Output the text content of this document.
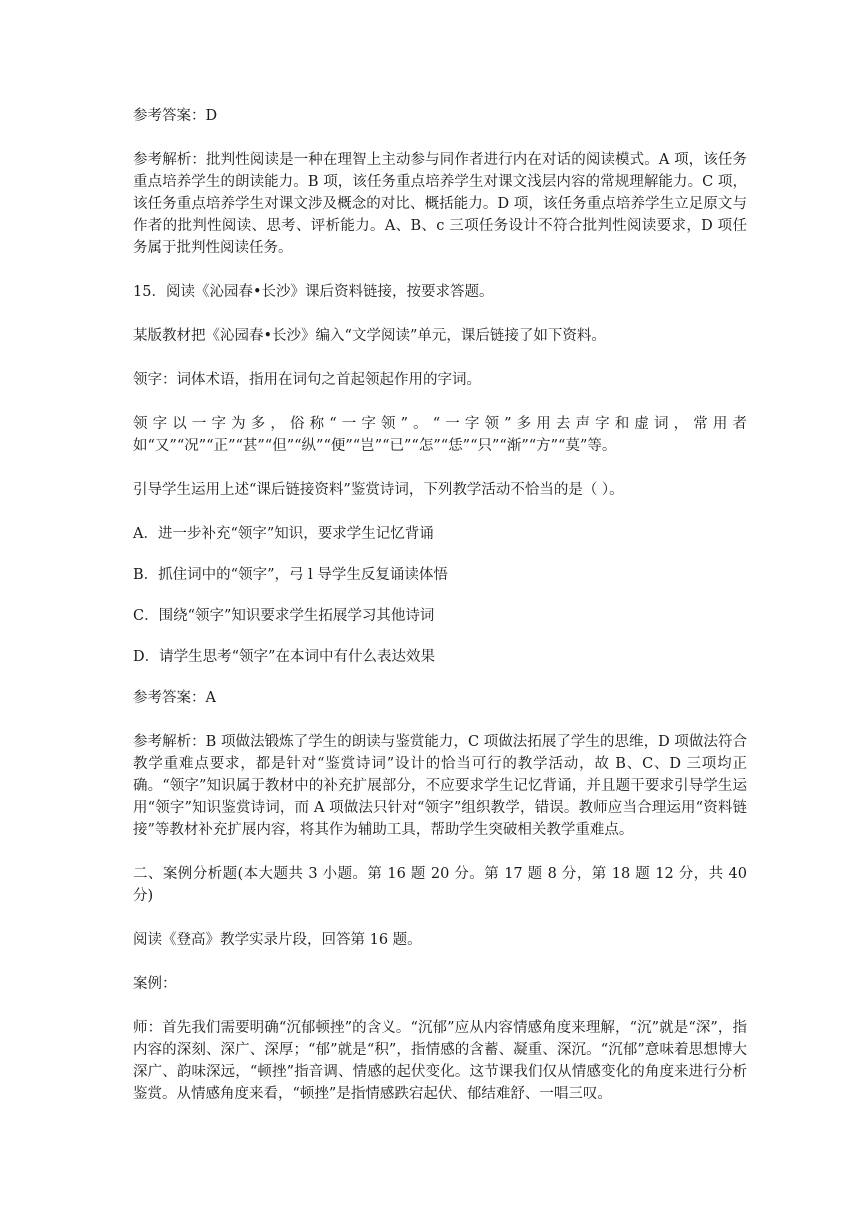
参考答案：D

参考解析：批判性阅读是一种在理智上主动参与同作者进行内在对话的阅读模式。A 项，该任务重点培养学生的朗读能力。B 项，该任务重点培养学生对课文浅层内容的常规理解能力。C 项，该任务重点培养学生对课文涉及概念的对比、概括能力。D 项，该任务重点培养学生立足原文与作者的批判性阅读、思考、评析能力。A、B、c 三项任务设计不符合批判性阅读要求，D 项任务属于批判性阅读任务。

15．阅读《沁园春•长沙》课后资料链接，按要求答题。

某版教材把《沁园春•长沙》编入“文学阅读”单元，课后链接了如下资料。

领字：词体术语，指用在词句之首起领起作用的字词。

领字以一字为多，俗称“一字领”。“一字领”多用去声字和虚词，常用者如“又”“况”“正”“甚”“但”“纵”“便”“岂”“已”“怎”“恁”“只”“渐”“方”“莫”等。

引导学生运用上述“课后链接资料”鉴赏诗词，下列教学活动不恰当的是（ ）。

A．进一步补充“领字”知识，要求学生记忆背诵

B．抓住词中的“领字”，弓 l 导学生反复诵读体悟

C．围绕“领字”知识要求学生拓展学习其他诗词

D．请学生思考“领字”在本词中有什么表达效果

参考答案：A

参考解析：B 项做法锻炼了学生的朗读与鉴赏能力，C 项做法拓展了学生的思维，D 项做法符合教学重难点要求，都是针对“鉴赏诗词”设计的恰当可行的教学活动，故 B、C、D 三项均正确。“领字”知识属于教材中的补充扩展部分，不应要求学生记忆背诵，并且题干要求引导学生运用“领字”知识鉴赏诗词，而 A 项做法只针对“领字”组织教学，错误。教师应当合理运用“资料链接”等教材补充扩展内容，将其作为辅助工具，帮助学生突破相关教学重难点。

二、案例分析题(本大题共 3 小题。第 16 题 20 分。第 17 题 8 分，第 18 题 12 分，共 40 分)

阅读《登高》教学实录片段，回答第 16 题。

案例：

师：首先我们需要明确“沉郁顿挫”的含义。“沉郁”应从内容情感角度来理解，“沉”就是“深”，指内容的深刻、深广、深厚；“郁”就是“积”，指情感的含蓄、凝重、深沉。“沉郁”意味着思想博大深广、韵味深远，“顿挫”指音调、情感的起伏变化。这节课我们仅从情感变化的角度来进行分析鉴赏。从情感角度来看，“顿挫”是指情感跌宕起伏、郁结难舒、一唱三叹。
